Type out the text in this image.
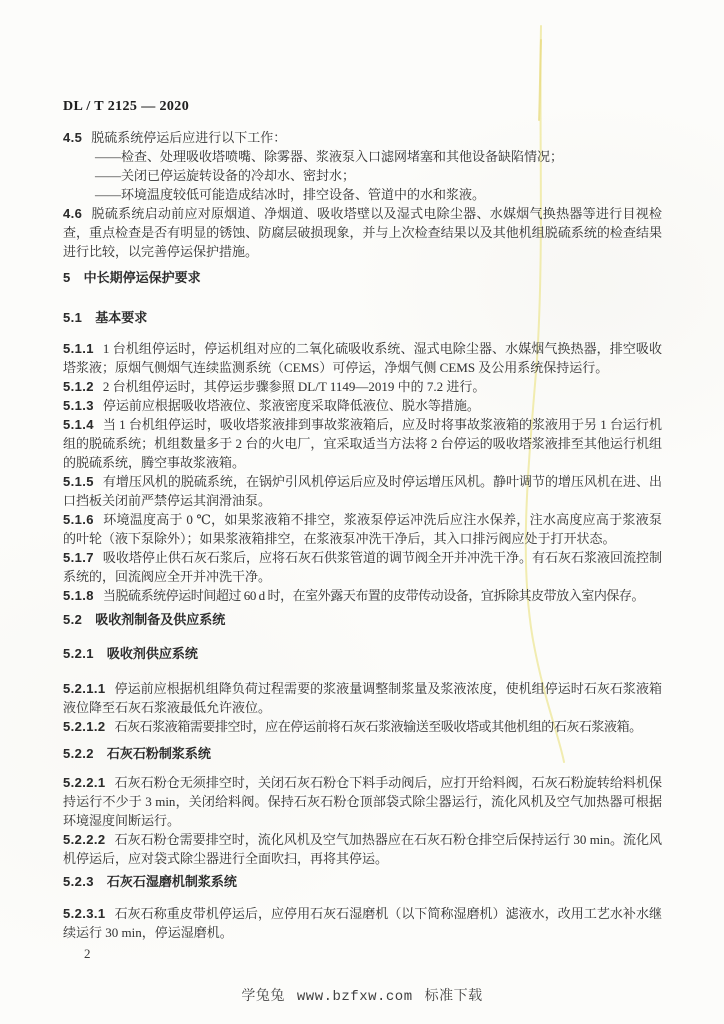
DL / T 2125 — 2020

4.5 脱硫系统停运后应进行以下工作：

——检查、处理吸收塔喷嘴、除雾器、浆液泵入口滤网堵塞和其他设备缺陷情况；

——关闭已停运旋转设备的冷却水、密封水；

——环境温度较低可能造成结冰时，排空设备、管道中的水和浆液。

4.6 脱硫系统启动前应对原烟道、净烟道、吸收塔壁以及湿式电除尘器、水媒烟气换热器等进行目视检查，重点检查是否有明显的锈蚀、防腐层破损现象，并与上次检查结果以及其他机组脱硫系统的检查结果进行比较，以完善停运保护措施。

5 中长期停运保护要求

5.1 基本要求

5.1.1 1 台机组停运时，停运机组对应的二氧化硫吸收系统、湿式电除尘器、水媒烟气换热器，排空吸收塔浆液；原烟气侧烟气连续监测系统（CEMS）可停运，净烟气侧 CEMS 及公用系统保持运行。

5.1.2 2 台机组停运时，其停运步骤参照 DL/T 1149—2019 中的 7.2 进行。

5.1.3 停运前应根据吸收塔液位、浆液密度采取降低液位、脱水等措施。

5.1.4 当 1 台机组停运时，吸收塔浆液排到事故浆液箱后，应及时将事故浆液箱的浆液用于另 1 台运行机组的脱硫系统；机组数量多于 2 台的火电厂，宜采取适当方法将 2 台停运的吸收塔浆液排至其他运行机组的脱硫系统，腾空事故浆液箱。

5.1.5 有增压风机的脱硫系统，在锅炉引风机停运后应及时停运增压风机。静叶调节的增压风机在进、出口挡板关闭前严禁停运其润滑油泵。

5.1.6 环境温度高于 0 ℃，如果浆液箱不排空，浆液泵停运冲洗后应注水保养，注水高度应高于浆液泵的叶轮（液下泵除外）；如果浆液箱排空，在浆液泵冲洗干净后，其入口排污阀应处于打开状态。

5.1.7 吸收塔停止供石灰石浆后，应将石灰石供浆管道的调节阀全开并冲洗干净。有石灰石浆液回流控制系统的，回流阀应全开并冲洗干净。

5.1.8 当脱硫系统停运时间超过 60 d 时，在室外露天布置的皮带传动设备，宜拆除其皮带放入室内保存。

5.2 吸收剂制备及供应系统

5.2.1 吸收剂供应系统

5.2.1.1 停运前应根据机组降负荷过程需要的浆液量调整制浆量及浆液浓度，使机组停运时石灰石浆液箱液位降至石灰石浆液最低允许液位。

5.2.1.2 石灰石浆液箱需要排空时，应在停运前将石灰石浆液输送至吸收塔或其他机组的石灰石浆液箱。

5.2.2 石灰石粉制浆系统

5.2.2.1 石灰石粉仓无须排空时，关闭石灰石粉仓下料手动阀后，应打开给料阀，石灰石粉旋转给料机保持运行不少于 3 min，关闭给料阀。保持石灰石粉仓顶部袋式除尘器运行，流化风机及空气加热器可根据环境湿度间断运行。

5.2.2.2 石灰石粉仓需要排空时，流化风机及空气加热器应在石灰石粉仓排空后保持运行 30 min。流化风机停运后，应对袋式除尘器进行全面吹扫，再将其停运。

5.2.3 石灰石湿磨机制浆系统

5.2.3.1 石灰石称重皮带机停运后，应停用石灰石湿磨机（以下简称湿磨机）滤液水，改用工艺水补水继续运行 30 min，停运湿磨机。

2
学兔兔 www.bzfxw.com 标准下载
